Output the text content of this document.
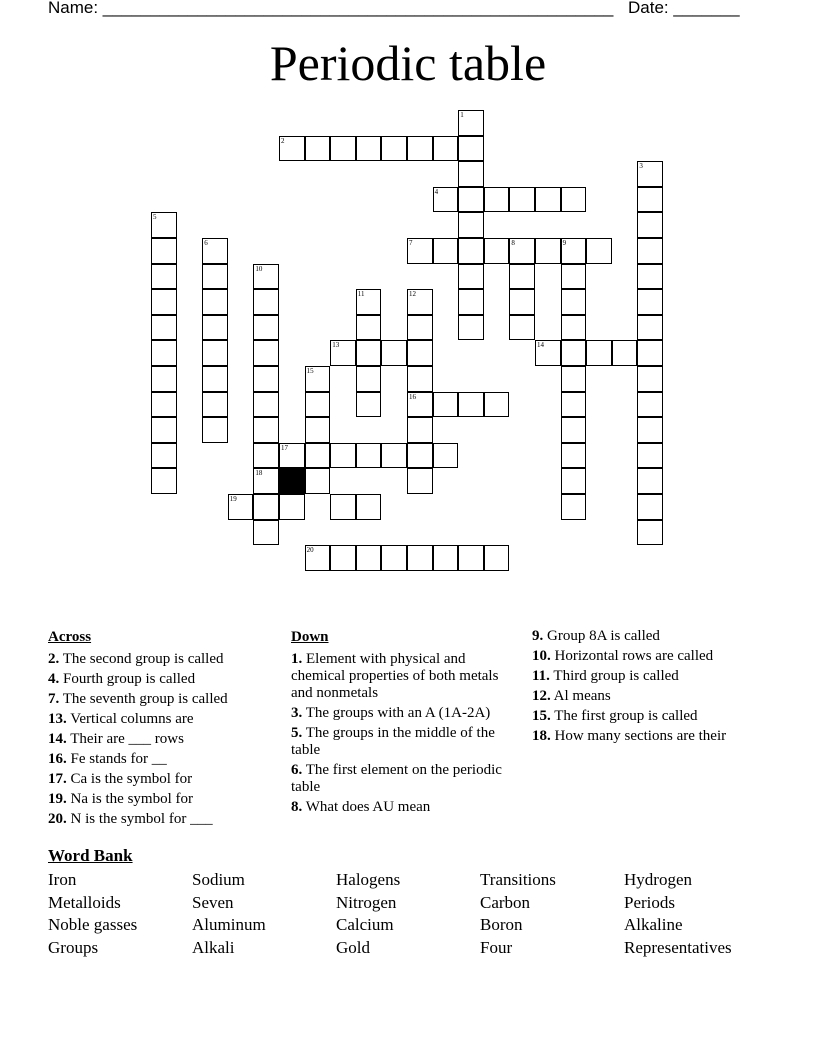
Name: ______________________________________________________ Date: _______
Periodic table
1
2
3
4
5
6	7	8	9
10
18
11	12
16
13	14
15
17
19
20
Across
2. The second group is called
4. Fourth group is called
7. The seventh group is called
13. Vertical columns are
14. Their are ___ rows
16. Fe stands for __
17. Ca is the symbol for
19. Na is the symbol for
20. N is the symbol for ___
Down
1. Element with physical and chemical properties of both metals and nonmetals
3. The groups with an A (1A-2A)
5. The groups in the middle of the table
6. The first element on the periodic table
8. What does AU mean
9. Group 8A is called
10. Horizontal rows are called
11. Third group is called
12. Al means
15. The first group is called
18. How many sections are their
Word Bank
Iron	Sodium	Halogens	Transitions	Hydrogen
Metalloids	Seven	Nitrogen	Carbon	Periods
Noble gasses	Aluminum	Calcium	Boron	Alkaline
Groups	Alkali	Gold	Four	Representatives
